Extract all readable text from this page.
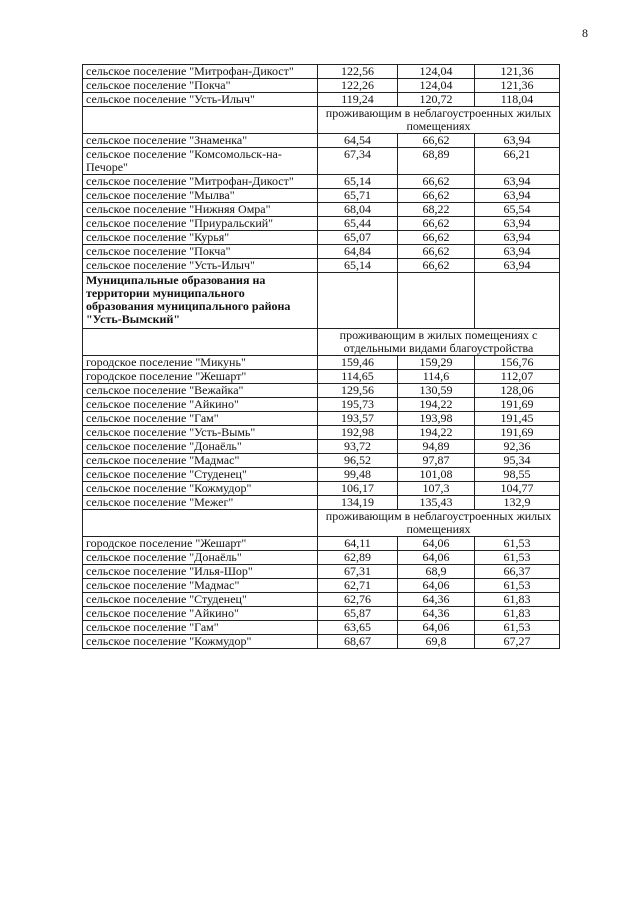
8
сельское поселение "Митрофан-Дикост"	122,56	124,04	121,36
сельское поселение "Покча"	122,26	124,04	121,36
сельское поселение "Усть-Илыч"	119,24	120,72	118,04
	проживающим в неблагоустроенных жилых помещениях		
сельское поселение "Знаменка"	64,54	66,62	63,94
сельское поселение "Комсомольск-на-Печоре"	67,34	68,89	66,21
сельское поселение "Митрофан-Дикост"	65,14	66,62	63,94
сельское поселение "Мылва"	65,71	66,62	63,94
сельское поселение "Нижняя Омра"	68,04	68,22	65,54
сельское поселение "Приуральский"	65,44	66,62	63,94
сельское поселение "Курья"	65,07	66,62	63,94
сельское поселение "Покча"	64,84	66,62	63,94
сельское поселение "Усть-Илыч"	65,14	66,62	63,94
Муниципальные образования на территории муниципального образования муниципального района "Усть-Вымский"			
	проживающим в жилых помещениях с отдельными видами благоустройства		
городское поселение "Микунь"	159,46	159,29	156,76
городское поселение "Жешарт"	114,65	114,6	112,07
сельское поселение "Вежайка"	129,56	130,59	128,06
сельское поселение "Айкино"	195,73	194,22	191,69
сельское поселение "Гам"	193,57	193,98	191,45
сельское поселение "Усть-Вымь"	192,98	194,22	191,69
сельское поселение "Донаёль"	93,72	94,89	92,36
сельское поселение "Мадмас"	96,52	97,87	95,34
сельское поселение "Студенец"	99,48	101,08	98,55
сельское поселение "Кожмудор"	106,17	107,3	104,77
сельское поселение "Межег"	134,19	135,43	132,9
	проживающим в неблагоустроенных жилых помещениях		
городское поселение "Жешарт"	64,11	64,06	61,53
сельское поселение "Донаёль"	62,89	64,06	61,53
сельское поселение "Илья-Шор"	67,31	68,9	66,37
сельское поселение "Мадмас"	62,71	64,06	61,53
сельское поселение "Студенец"	62,76	64,36	61,83
сельское поселение "Айкино"	65,87	64,36	61,83
сельское поселение "Гам"	63,65	64,06	61,53
сельское поселение "Кожмудор"	68,67	69,8	67,27
